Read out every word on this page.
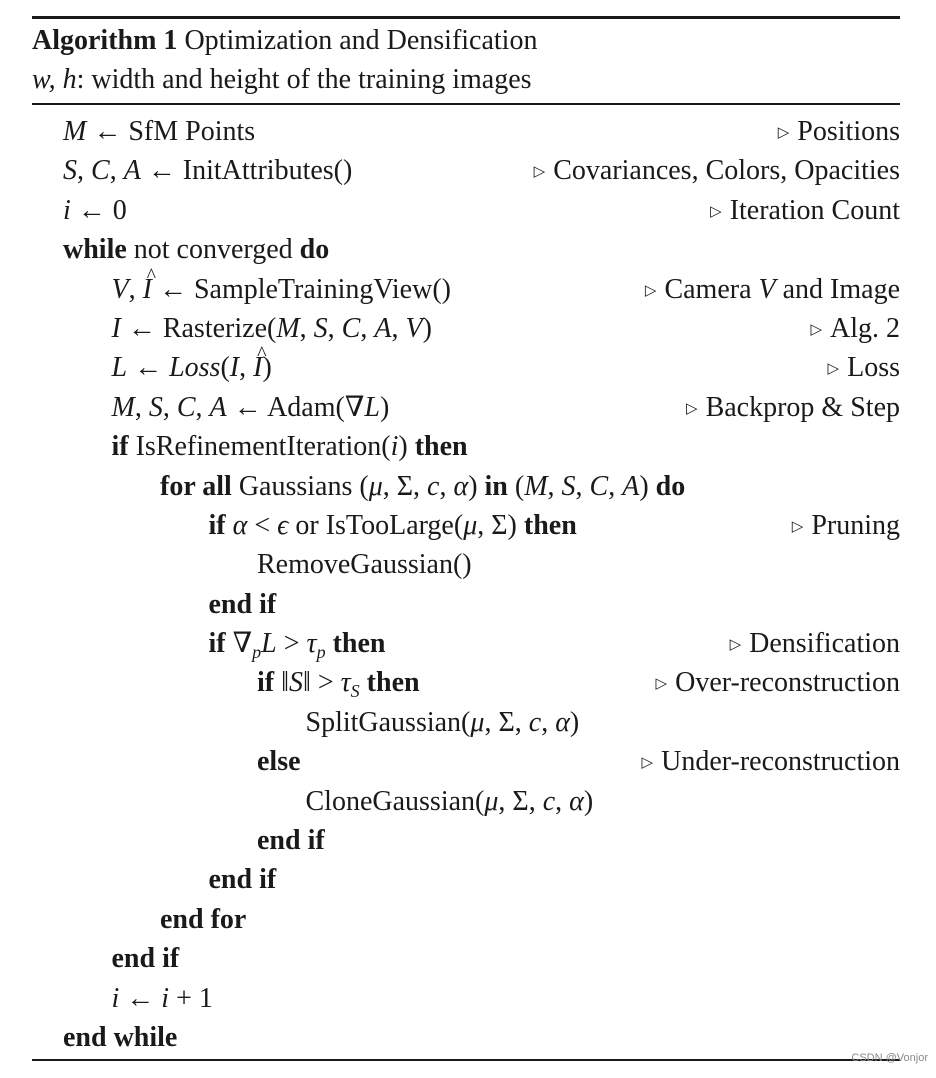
Algorithm 1 Optimization and Densification
w, h: width and height of the training images
M ← SfM Points	▷ Positions
S, C, A ← InitAttributes()	▷ Covariances, Colors, Opacities
i ← 0	▷ Iteration Count
while not converged do
V, ^ I ← SampleTrainingView()	▷ Camera V and Image
I ← Rasterize(M, S, C, A, V)	▷ Alg. 2
L ← Loss(I, ^ I)	▷ Loss
M, S, C, A ← Adam(∇L)	▷ Backprop & Step
if IsRefinementIteration(i) then
for all Gaussians (μ, Σ, c, α) in (M, S, C, A) do
if α < ϵ or IsTooLarge(μ, Σ) then	▷ Pruning
RemoveGaussian()
end if
if $\nabla_pL > \tau_p$ then	▷ Densification
if ‖S‖ > $\tau_S$ then	▷ Over-reconstruction
SplitGaussian(μ, Σ, c, α)
else	▷ Under-reconstruction
CloneGaussian(μ, Σ, c, α)
end if
end if
end for
end if
i ← i + 1
end while
CSDN @Vonjor
